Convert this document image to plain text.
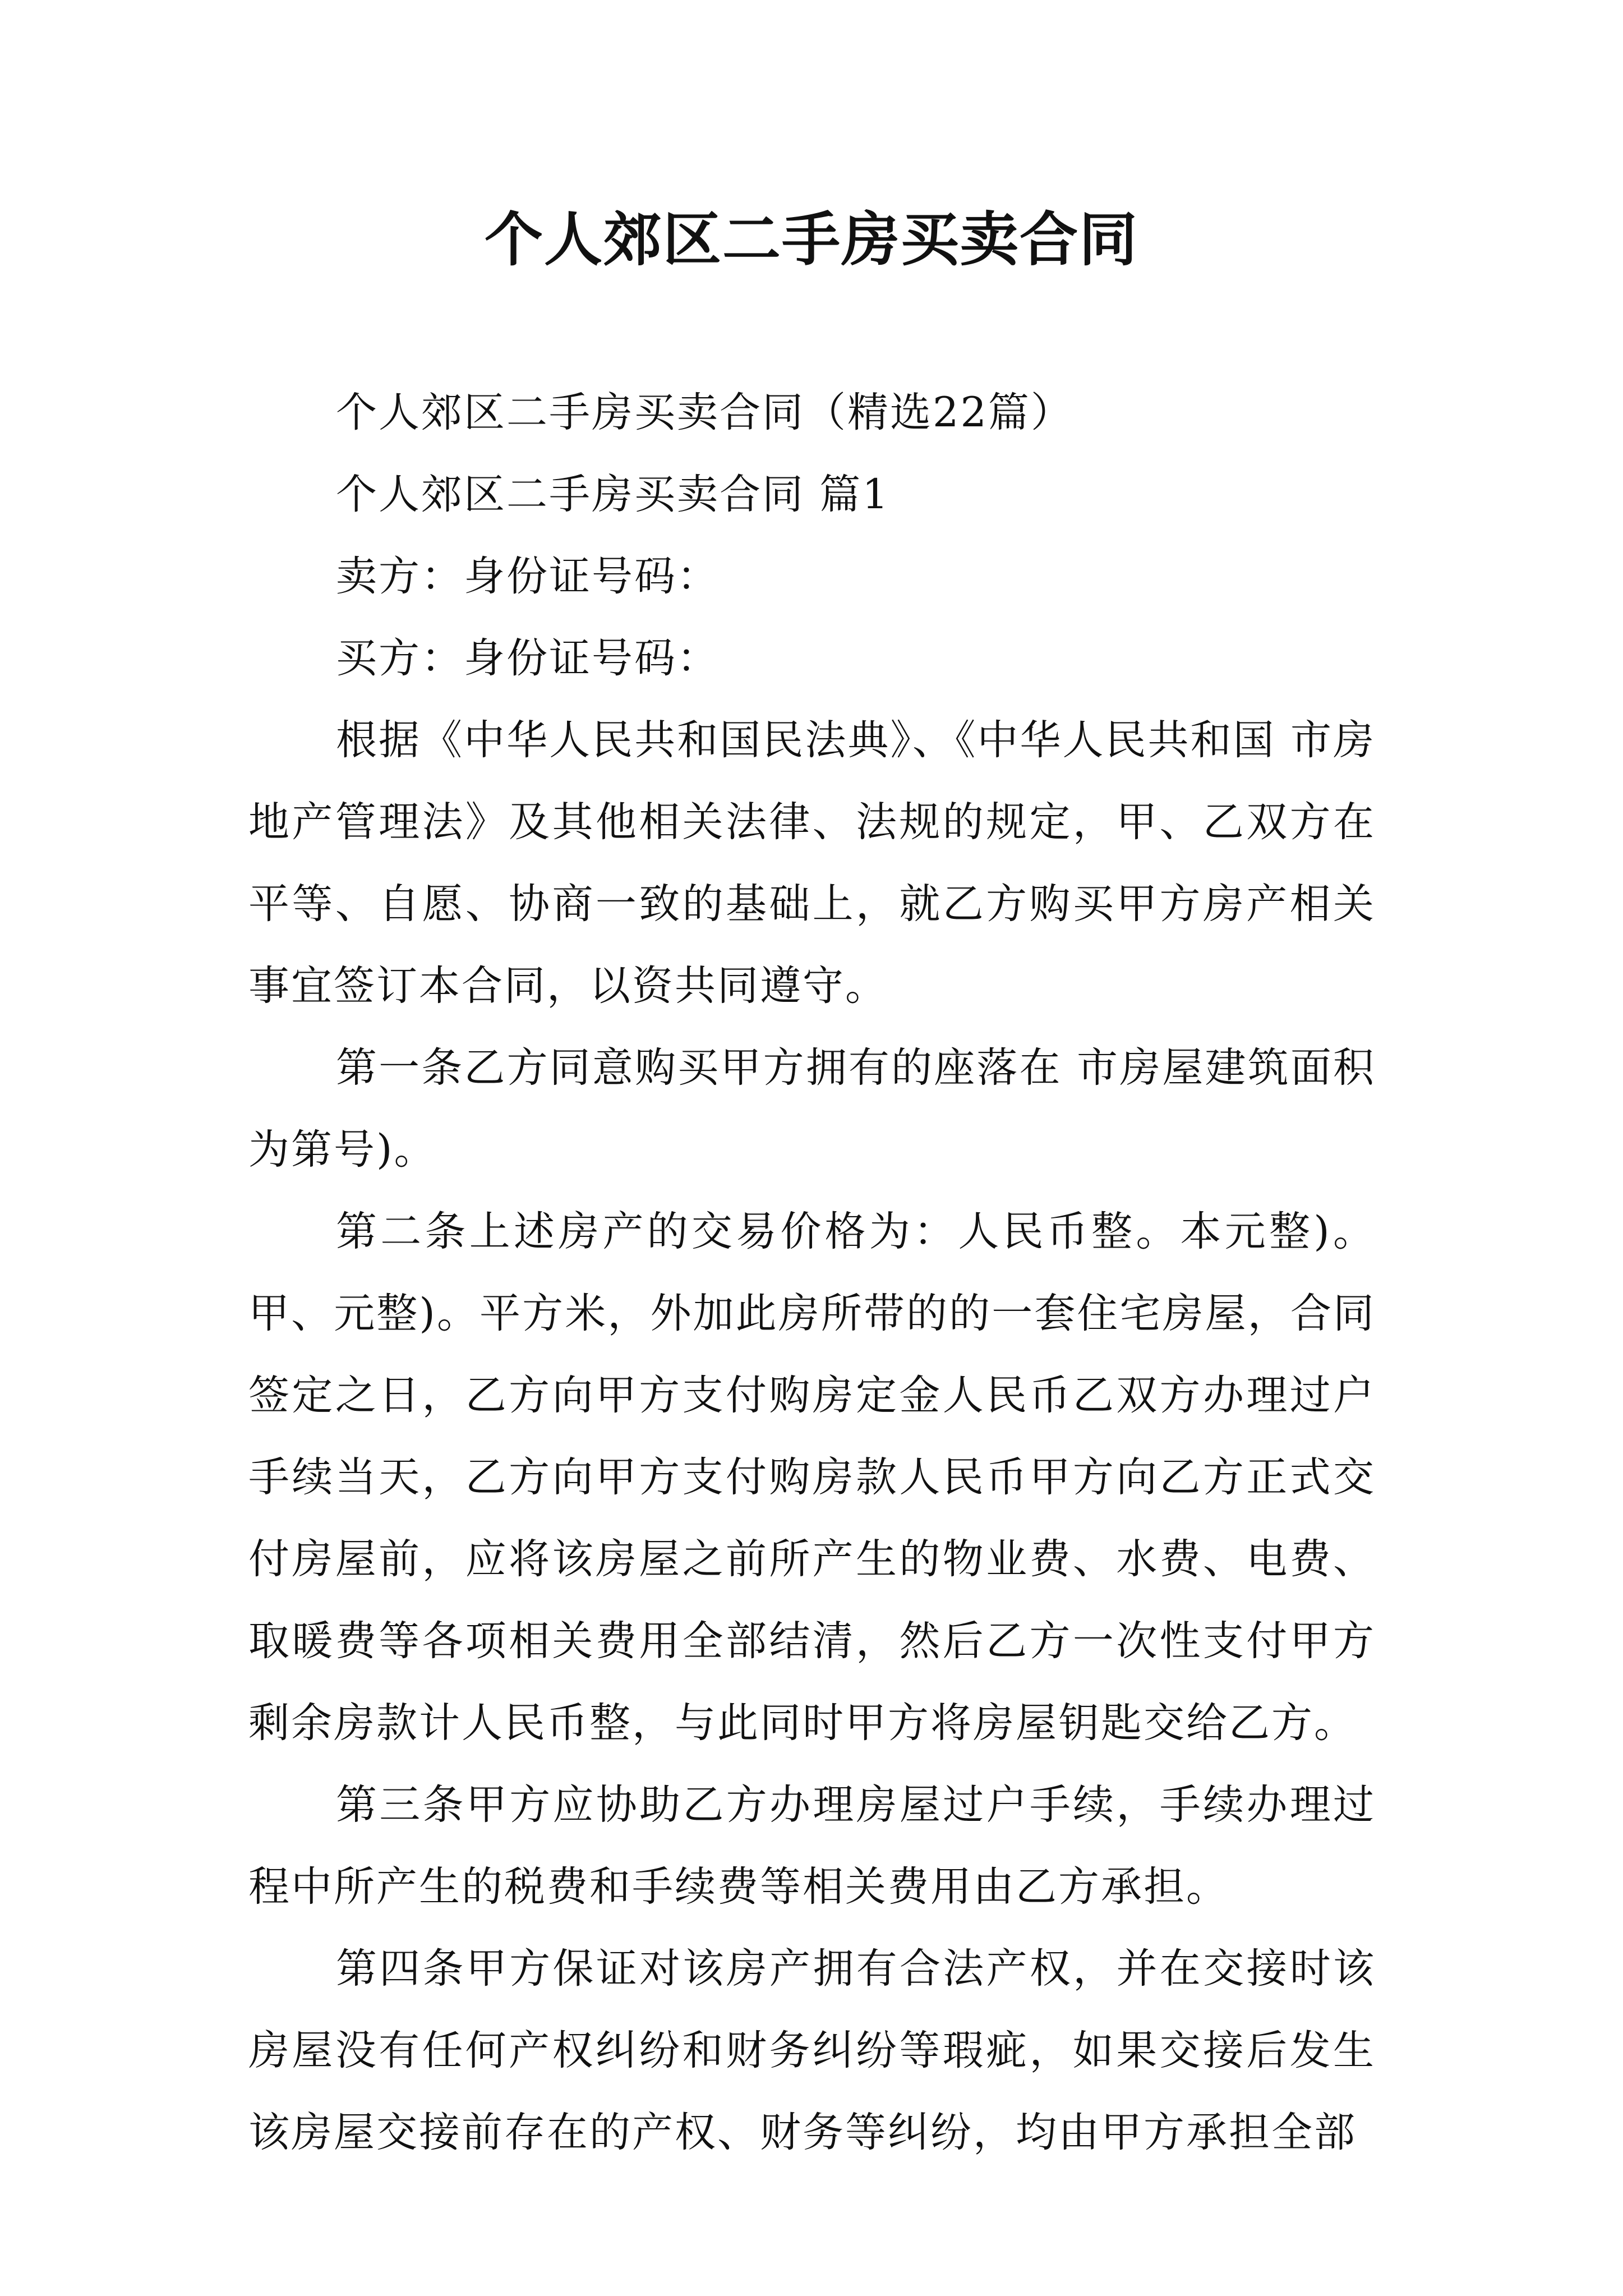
个人郊区二手房买卖合同

个人郊区二手房买卖合同（精选22篇）

个人郊区二手房买卖合同 篇1

卖方：身份证号码：

买方：身份证号码：

根据《中华人民共和国民法典》、《中华人民共和国 市房地产管理法》及其他相关法律、法规的规定，甲、乙双方在平等、自愿、协商一致的基础上，就乙方购买甲方房产相关事宜签订本合同，以资共同遵守。

第一条乙方同意购买甲方拥有的座落在 市房屋建筑面积为第号)。

第二条上述房产的交易价格为：人民币整。本元整)。甲、元整)。平方米，外加此房所带的的一套住宅房屋，合同签定之日，乙方向甲方支付购房定金人民币乙双方办理过户手续当天，乙方向甲方支付购房款人民币甲方向乙方正式交付房屋前，应将该房屋之前所产生的物业费、水费、电费、取暖费等各项相关费用全部结清，然后乙方一次性支付甲方剩余房款计人民币整，与此同时甲方将房屋钥匙交给乙方。

第三条甲方应协助乙方办理房屋过户手续，手续办理过程中所产生的税费和手续费等相关费用由乙方承担。

第四条甲方保证对该房产拥有合法产权，并在交接时该房屋没有任何产权纠纷和财务纠纷等瑕疵，如果交接后发生该房屋交接前存在的产权、财务等纠纷，均由甲方承担全部
